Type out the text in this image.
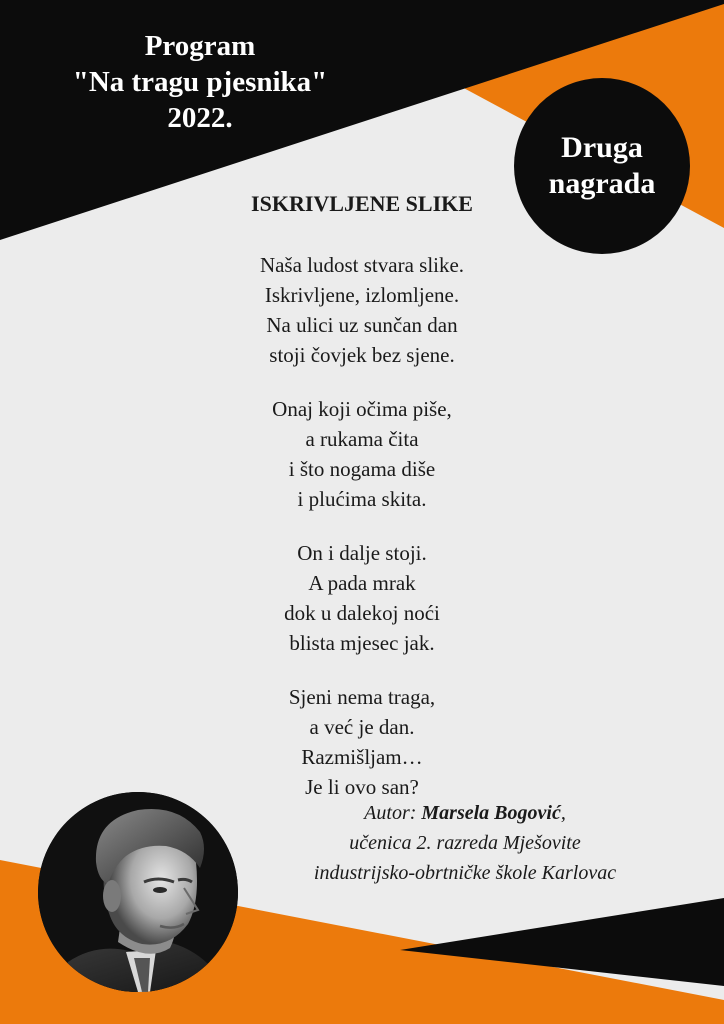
Program
"Na tragu pjesnika"
2022.
Druga
nagrada
ISKRIVLJENE SLIKE
Naša ludost stvara slike.
Iskrivljene, izlomljene.
Na ulici uz sunčan dan
stoji čovjek bez sjene.
Onaj koji očima piše,
a rukama čita
i što nogama diše
i plućima skita.
On i dalje stoji.
A pada mrak
dok u dalekoj noći
blista mjesec jak.
Sjeni nema traga,
a već je dan.
Razmišljam…
Je li ovo san?
Autor: Marsela Bogović,
učenica 2. razreda Mješovite
industrijsko-obrtničke škole Karlovac
